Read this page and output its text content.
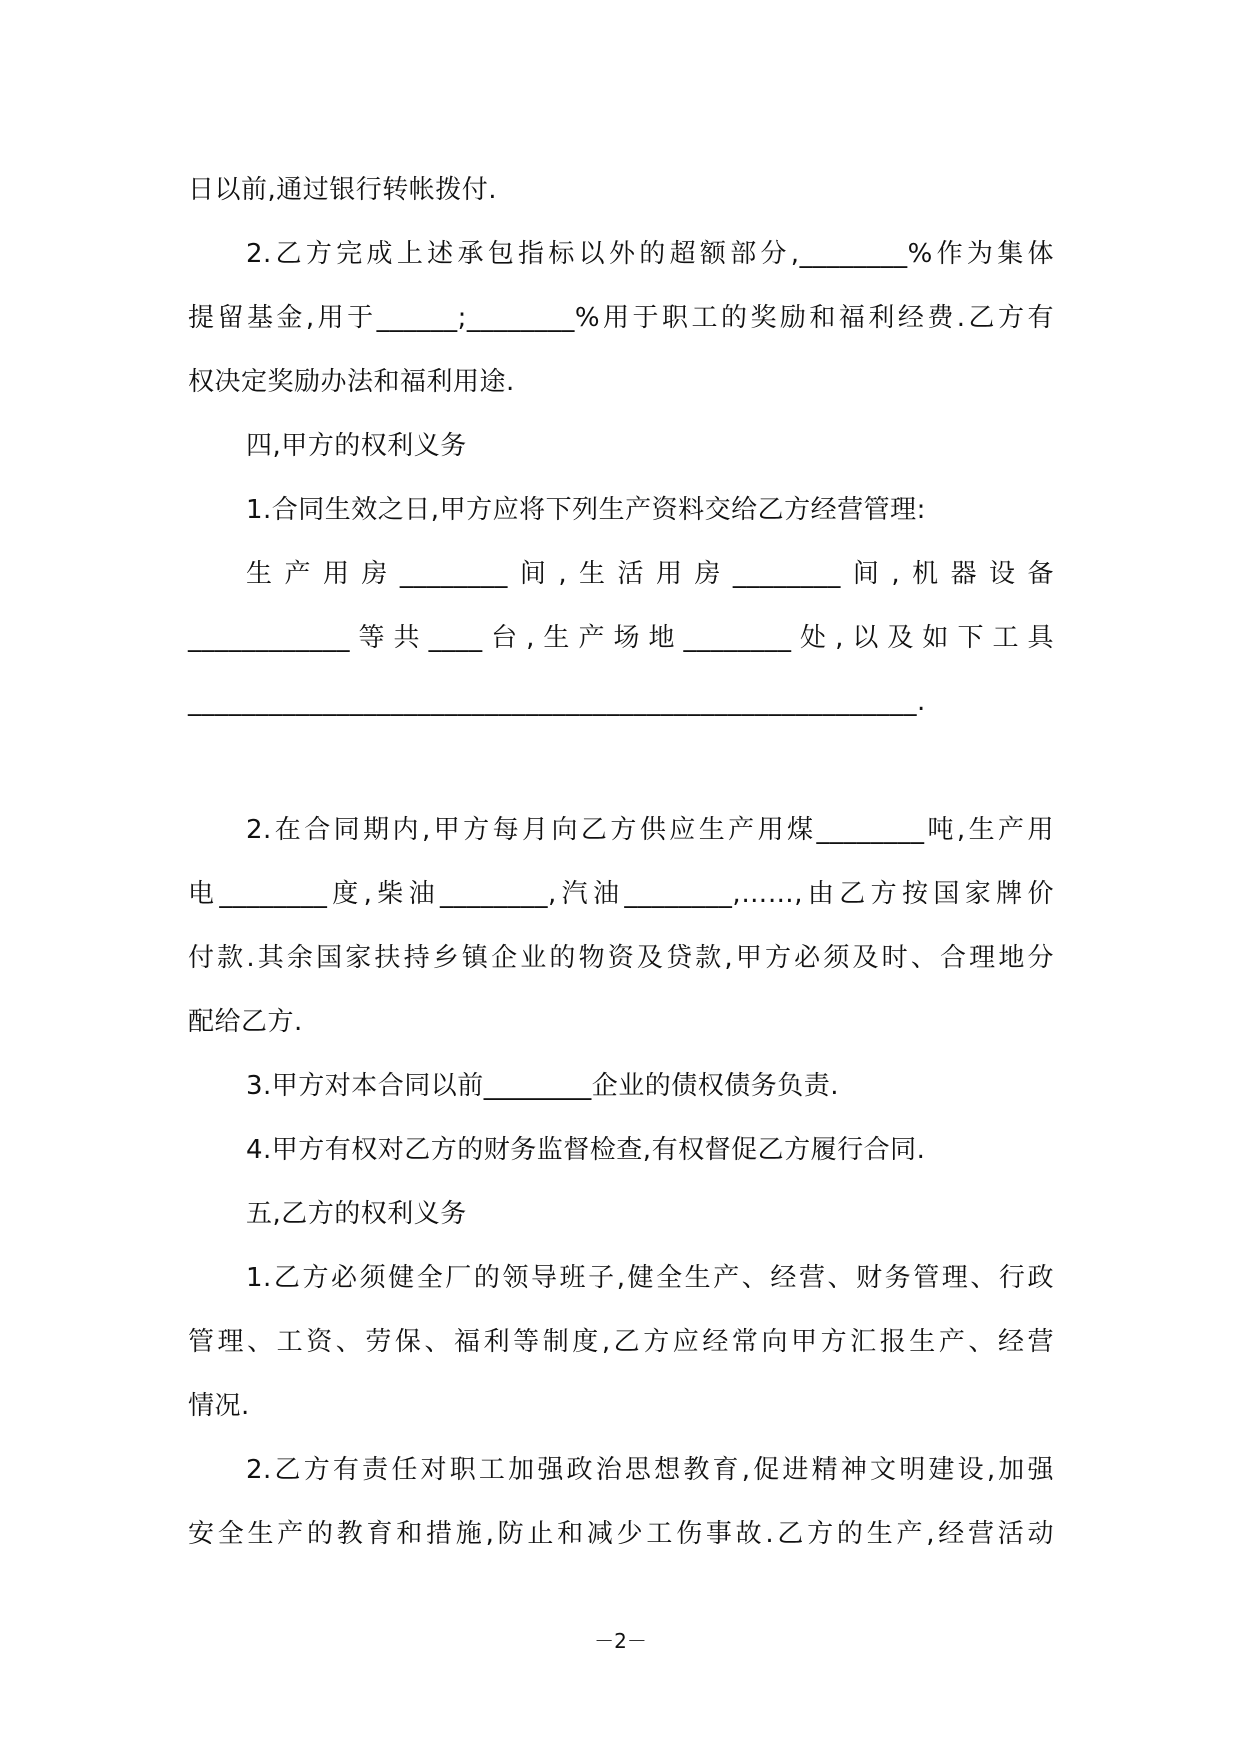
日以前,通过银行转帐拨付.

2.乙方完成上述承包指标以外的超额部分,________%作为集体

提留基金,用于______;________%用于职工的奖励和福利经费.乙方有

权决定奖励办法和福利用途.

四,甲方的权利义务

1.合同生效之日,甲方应将下列生产资料交给乙方经营管理:

生产用房________间,生活用房________间,机器设备

____________等共____台,生产场地________处,以及如下工具

______________________________________________________.

2.在合同期内,甲方每月向乙方供应生产用煤________吨,生产用

电________度,柴油________,汽油________,……,由乙方按国家牌价

付款.其余国家扶持乡镇企业的物资及贷款,甲方必须及时、合理地分

配给乙方.

3.甲方对本合同以前________企业的债权债务负责.

4.甲方有权对乙方的财务监督检查,有权督促乙方履行合同.

五,乙方的权利义务

1.乙方必须健全厂的领导班子,健全生产、经营、财务管理、行政

管理、工资、劳保、福利等制度,乙方应经常向甲方汇报生产、经营

情况.

2.乙方有责任对职工加强政治思想教育,促进精神文明建设,加强

安全生产的教育和措施,防止和减少工伤事故.乙方的生产,经营活动

－2－
